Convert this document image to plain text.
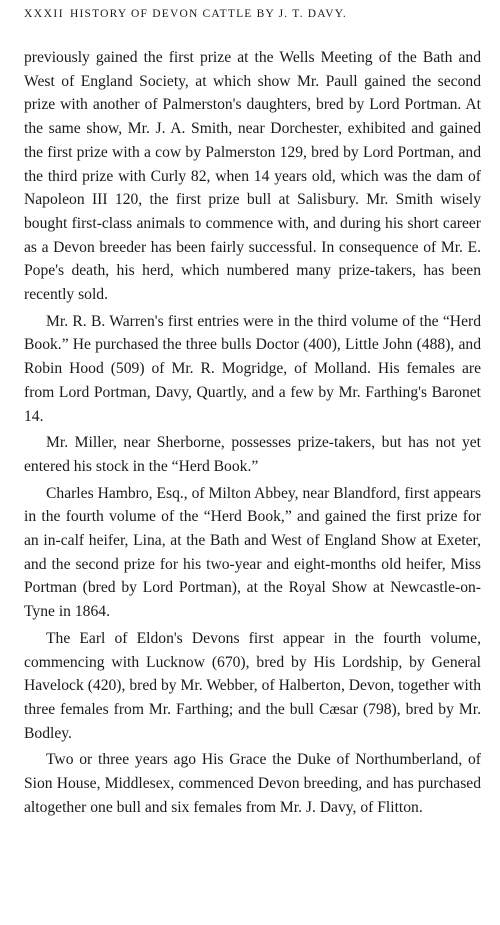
XXXII HISTORY OF DEVON CATTLE BY J. T. DAVY.

previously gained the first prize at the Wells Meeting of the Bath and West of England Society, at which show Mr. Paull gained the second prize with another of Palmerston's daughters, bred by Lord Portman. At the same show, Mr. J. A. Smith, near Dorchester, exhibited and gained the first prize with a cow by Palmerston 129, bred by Lord Portman, and the third prize with Curly 82, when 14 years old, which was the dam of Napoleon III 120, the first prize bull at Salisbury. Mr. Smith wisely bought first-class animals to commence with, and during his short career as a Devon breeder has been fairly successful. In consequence of Mr. E. Pope's death, his herd, which numbered many prize-takers, has been recently sold.

Mr. R. B. Warren's first entries were in the third volume of the “Herd Book.” He purchased the three bulls Doctor (400), Little John (488), and Robin Hood (509) of Mr. R. Mogridge, of Molland. His females are from Lord Portman, Davy, Quartly, and a few by Mr. Farthing's Baronet 14.

Mr. Miller, near Sherborne, possesses prize-takers, but has not yet entered his stock in the “Herd Book.”

Charles Hambro, Esq., of Milton Abbey, near Blandford, first appears in the fourth volume of the “Herd Book,” and gained the first prize for an in-calf heifer, Lina, at the Bath and West of England Show at Exeter, and the second prize for his two-year and eight-months old heifer, Miss Portman (bred by Lord Portman), at the Royal Show at Newcastle-on-Tyne in 1864.

The Earl of Eldon's Devons first appear in the fourth volume, commencing with Lucknow (670), bred by His Lordship, by General Havelock (420), bred by Mr. Webber, of Halberton, Devon, together with three females from Mr. Farthing; and the bull Cæsar (798), bred by Mr. Bodley.

Two or three years ago His Grace the Duke of Northumberland, of Sion House, Middlesex, commenced Devon breeding, and has purchased altogether one bull and six females from Mr. J. Davy, of Flitton.
